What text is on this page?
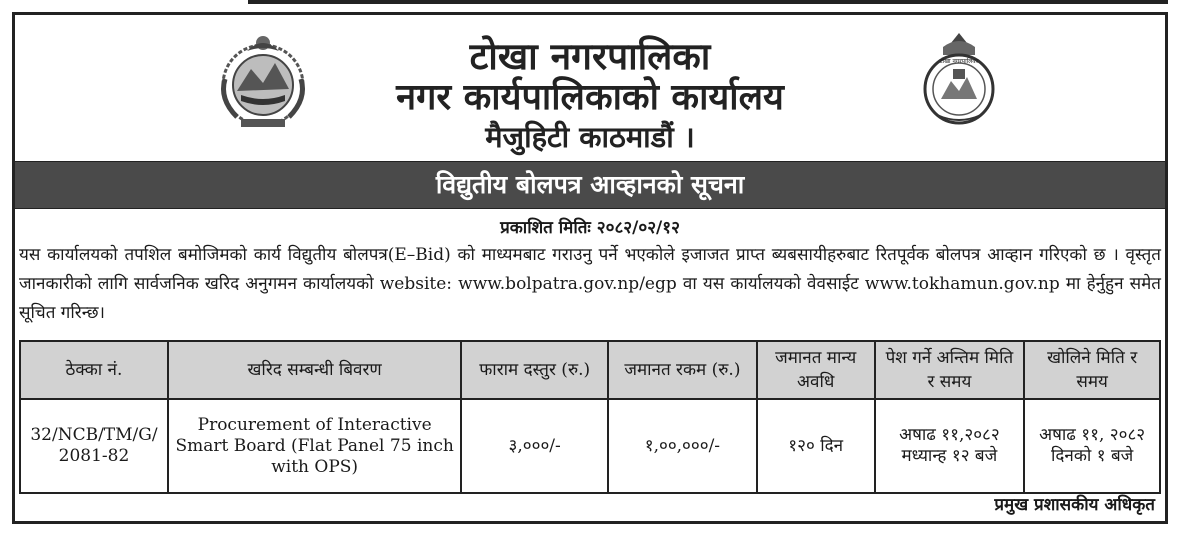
टोखा नगरपालिका
टोखा नगरपालिका
नगर कार्यपालिकाको कार्यालय
मैजुहिटी काठमाडौं ।
विद्युतीय बोलपत्र आव्हानको सूचना
प्रकाशित मितिः २०८२/०२/१२
यस कार्यालयको तपशिल बमोजिमको कार्य विद्युतीय बोलपत्र(E–Bid) को माध्यमबाट गराउनु पर्ने भएकोले इजाजत प्राप्त ब्यबसायीहरुबाट रितपूर्वक बोलपत्र आव्हान गरिएको छ । वृस्तृत जानकारीको लागि सार्वजनिक खरिद अनुगमन कार्यालयको website: www.bolpatra.gov.np/egp वा यस कार्यालयको वेवसाईट www.tokhamun.gov.np मा हेर्नुहुन समेत सूचित गरिन्छ।
ठेक्का नं.	खरिद सम्बन्धी बिवरण	फाराम दस्तुर (रु.)	जमानत रकम (रु.)	जमानत मान्य अवधि	पेश गर्ने अन्तिम मिति र समय	खोलिने मिति र समय
32/NCB/TM/G/ 2081-82	Procurement of Interactive Smart Board (Flat Panel 75 inch with OPS)	३,०००/-	१,००,०००/-	१२० दिन	अषाढ ११,२०८२ मध्यान्ह १२ बजे	अषाढ ११, २०८२ दिनको १ बजे
प्रमुख प्रशासकीय अधिकृत
